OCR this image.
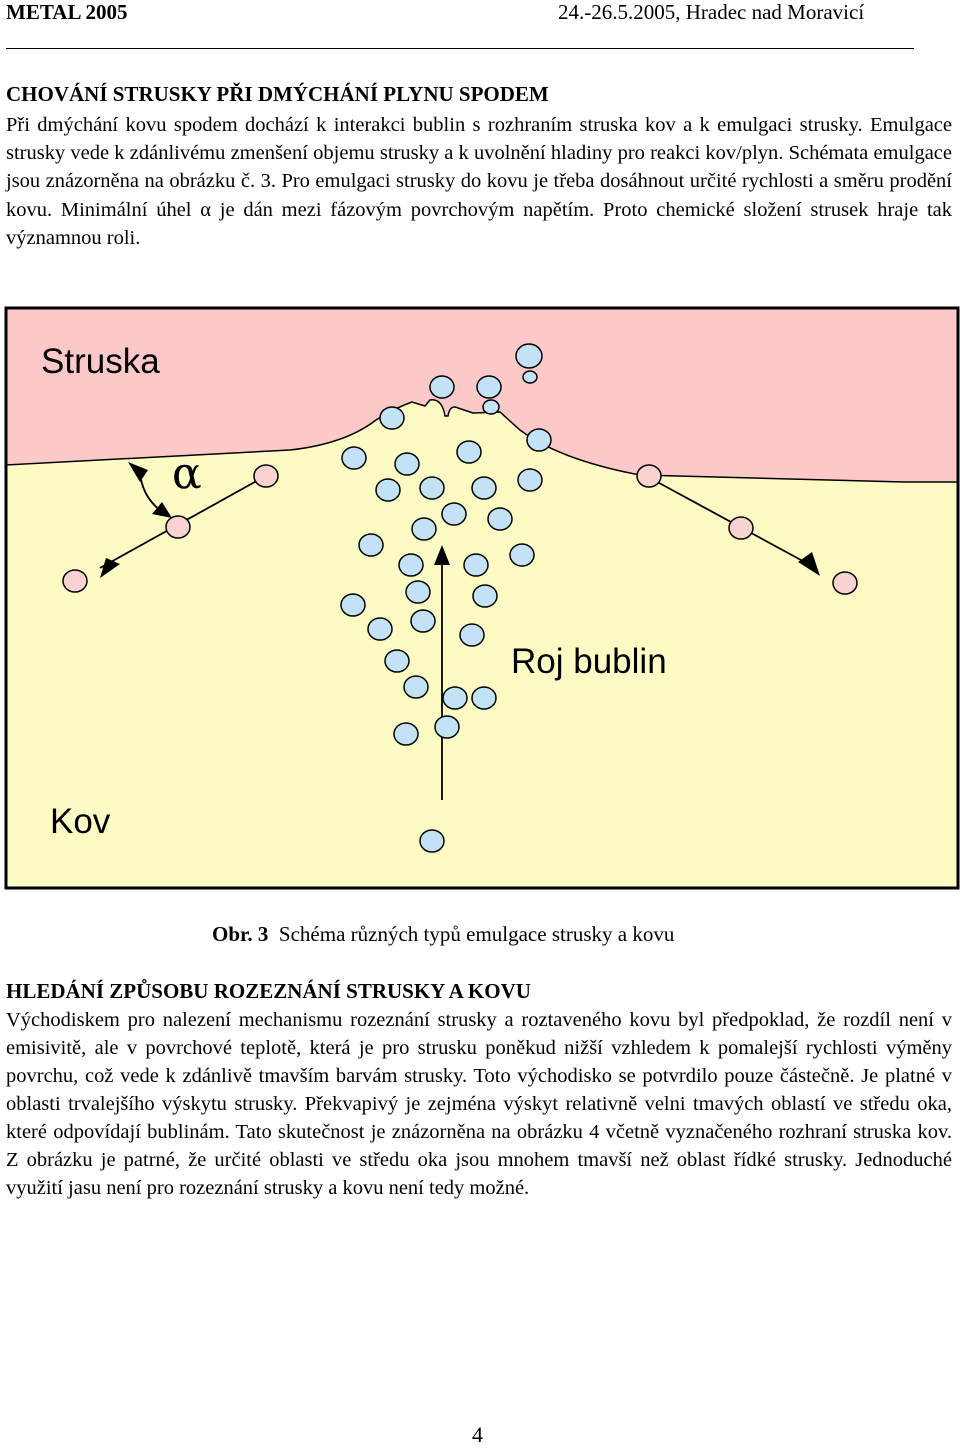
METAL 2005	24.-26.5.2005, Hradec nad Moravicí
CHOVÁNÍ STRUSKY PŘI DMÝCHÁNÍ PLYNU SPODEM
Při dmýchání kovu spodem dochází k interakci bublin s rozhraním struska kov a k emulgaci strusky. Emulgace strusky vede k zdánlivému zmenšení objemu strusky a k uvolnění hladiny pro reakci kov/plyn. Schémata emulgace jsou znázorněna na obrázku č. 3. Pro emulgaci strusky do kovu je třeba dosáhnout určité rychlosti a směru prodění kovu. Minimální úhel α je dán mezi fázovým povrchovým napětím. Proto chemické složení strusek hraje tak významnou roli.
Struska
α
Roj bublin
Kov
Obr. 3 Schéma různých typů emulgace strusky a kovu
HLEDÁNÍ ZPŮSOBU ROZEZNÁNÍ STRUSKY A KOVU
Východiskem pro nalezení mechanismu rozeznání strusky a roztaveného kovu byl předpoklad, že rozdíl není v emisivitě, ale v povrchové teplotě, která je pro strusku poněkud nižší vzhledem k pomalejší rychlosti výměny povrchu, což vede k zdánlivě tmavším barvám strusky. Toto východisko se potvrdilo pouze částečně. Je platné v oblasti trvalejšího výskytu strusky. Překvapivý je zejména výskyt relativně velni tmavých oblastí ve středu oka, které odpovídají bublinám. Tato skutečnost je znázorněna na obrázku 4 včetně vyznačeného rozhraní struska kov. Z obrázku je patrné, že určité oblasti ve středu oka jsou mnohem tmavší než oblast řídké strusky. Jednoduché využití jasu není pro rozeznání strusky a kovu není tedy možné.
4
